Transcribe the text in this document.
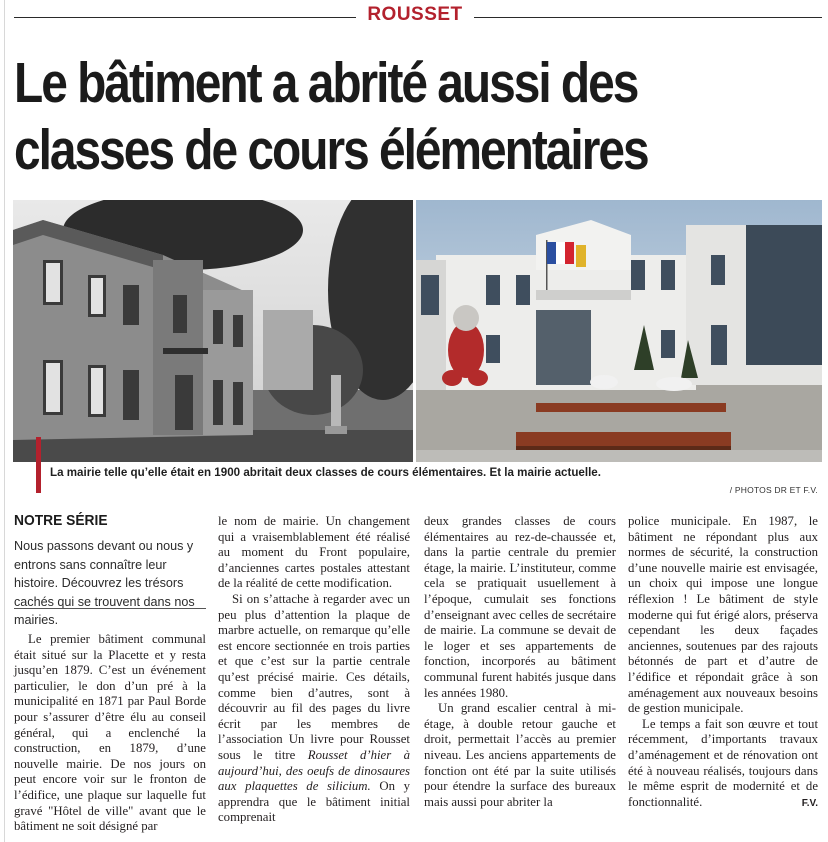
ROUSSET
Le bâtiment a abrité aussi des
classes de cours élémentaires
La mairie telle qu’elle était en 1900 abritait deux classes de cours élémentaires. Et la mairie actuelle.
/ PHOTOS DR ET F.V.
NOTRE SÉRIE

Nous passons devant ou nous y entrons sans connaître leur histoire. Découvrez les trésors cachés qui se trouvent dans nos mairies.

Le premier bâtiment communal était situé sur la Placette et y resta jusqu’en 1879. C’est un événement particulier, le don d’un pré à la municipalité en 1871 par Paul Borde pour s’assurer d’être élu au conseil général, qui a enclenché la construction, en 1879, d’une nouvelle mairie. De nos jours on peut encore voir sur le fronton de l’édifice, une plaque sur laquelle fut gravé "Hôtel de ville" avant que le bâtiment ne soit désigné par

le nom de mairie. Un changement qui a vraisemblablement été réalisé au moment du Front populaire, d’anciennes cartes postales attestant de la réalité de cette modification.

Si on s’attache à regarder avec un peu plus d’attention la plaque de marbre actuelle, on remarque qu’elle est encore sectionnée en trois parties et que c’est sur la partie centrale qu’est précisé mairie. Ces détails, comme bien d’autres, sont à découvrir au fil des pages du livre écrit par les membres de l’association Un livre pour Rousset sous le titre Rousset d’hier à aujourd’hui, des oeufs de dinosaures aux plaquettes de silicium. On y apprendra que le bâtiment initial comprenait

deux grandes classes de cours élémentaires au rez-de-chaussée et, dans la partie centrale du premier étage, la mairie. L’instituteur, comme cela se pratiquait usuellement à l’époque, cumulait ses fonctions d’enseignant avec celles de secrétaire de mairie. La commune se devait de le loger et ses appartements de fonction, incorporés au bâtiment communal furent habités jusque dans les années 1980.

Un grand escalier central à mi-étage, à double retour gauche et droit, permettait l’accès au premier niveau. Les anciens appartements de fonction ont été par la suite utilisés pour étendre la surface des bureaux mais aussi pour abriter la

police municipale. En 1987, le bâtiment ne répondant plus aux normes de sécurité, la construction d’une nouvelle mairie est envisagée, un choix qui impose une longue réflexion ! Le bâtiment de style moderne qui fut érigé alors, préserva cependant les deux façades anciennes, soutenues par des rajouts bétonnés de part et d’autre de l’édifice et répondait grâce à son aménagement aux nouveaux besoins de gestion municipale.

Le temps a fait son œuvre et tout récemment, d’importants travaux d’aménagement et de rénovation ont été à nouveau réalisés, toujours dans le même esprit de modernité et de fonctionnalité.	F.V.
